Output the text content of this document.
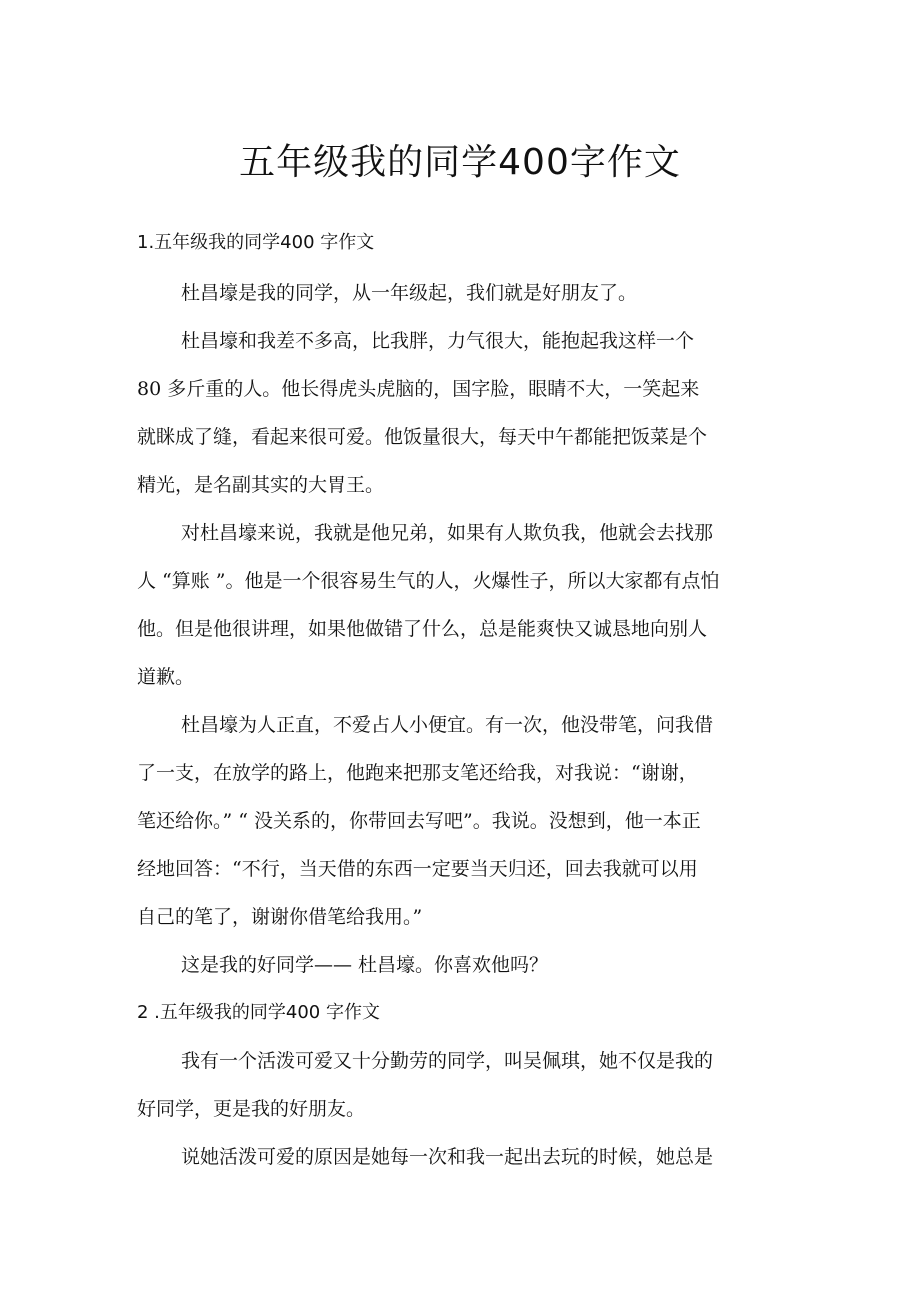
五年级我的同学400字作文

1.五年级我的同学400 字作文

杜昌壕是我的同学，从一年级起，我们就是好朋友了。

杜昌壕和我差不多高，比我胖，力气很大，能抱起我这样一个

80 多斤重的人。他长得虎头虎脑的，国字脸，眼睛不大，一笑起来

就眯成了缝，看起来很可爱。他饭量很大，每天中午都能把饭菜是个

精光，是名副其实的大胃王。

对杜昌壕来说，我就是他兄弟，如果有人欺负我，他就会去找那

人 “算账 ”。他是一个很容易生气的人，火爆性子，所以大家都有点怕

他。但是他很讲理，如果他做错了什么，总是能爽快又诚恳地向别人

道歉。

杜昌壕为人正直，不爱占人小便宜。有一次，他没带笔，问我借

了一支，在放学的路上，他跑来把那支笔还给我，对我说：“谢谢，

笔还给你。” “ 没关系的，你带回去写吧”。我说。没想到，他一本正

经地回答：“不行，当天借的东西一定要当天归还，回去我就可以用

自己的笔了，谢谢你借笔给我用。”

这是我的好同学—— 杜昌壕。你喜欢他吗？

2 .五年级我的同学400 字作文

我有一个活泼可爱又十分勤劳的同学，叫吴佩琪，她不仅是我的

好同学，更是我的好朋友。

说她活泼可爱的原因是她每一次和我一起出去玩的时候，她总是
